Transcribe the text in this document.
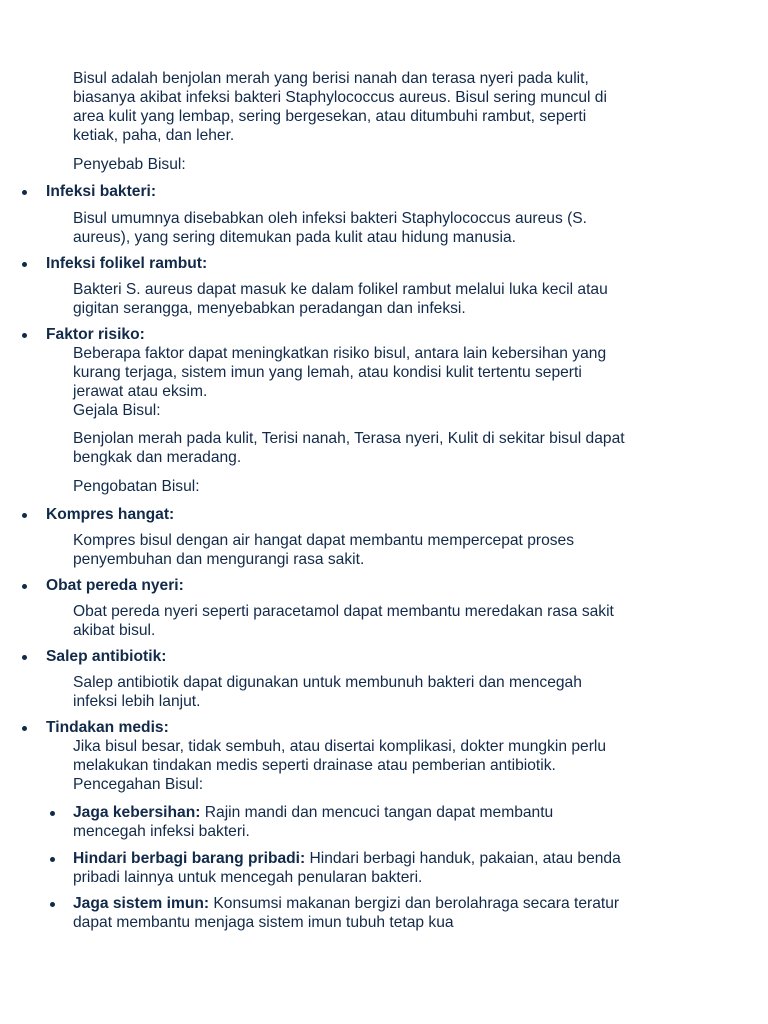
Bisul adalah benjolan merah yang berisi nanah dan terasa nyeri pada kulit,
biasanya akibat infeksi bakteri Staphylococcus aureus. Bisul sering muncul di
area kulit yang lembap, sering bergesekan, atau ditumbuhi rambut, seperti
ketiak, paha, dan leher.
Penyebab Bisul:
Infeksi bakteri:
Bisul umumnya disebabkan oleh infeksi bakteri Staphylococcus aureus (S.
aureus), yang sering ditemukan pada kulit atau hidung manusia.
Infeksi folikel rambut:
Bakteri S. aureus dapat masuk ke dalam folikel rambut melalui luka kecil atau
gigitan serangga, menyebabkan peradangan dan infeksi.
Faktor risiko:
Beberapa faktor dapat meningkatkan risiko bisul, antara lain kebersihan yang
kurang terjaga, sistem imun yang lemah, atau kondisi kulit tertentu seperti
jerawat atau eksim.
Gejala Bisul:
Benjolan merah pada kulit, Terisi nanah, Terasa nyeri, Kulit di sekitar bisul dapat
bengkak dan meradang.
Pengobatan Bisul:
Kompres hangat:
Kompres bisul dengan air hangat dapat membantu mempercepat proses
penyembuhan dan mengurangi rasa sakit.
Obat pereda nyeri:
Obat pereda nyeri seperti paracetamol dapat membantu meredakan rasa sakit
akibat bisul.
Salep antibiotik:
Salep antibiotik dapat digunakan untuk membunuh bakteri dan mencegah
infeksi lebih lanjut.
Tindakan medis:
Jika bisul besar, tidak sembuh, atau disertai komplikasi, dokter mungkin perlu
melakukan tindakan medis seperti drainase atau pemberian antibiotik.
Pencegahan Bisul:
Jaga kebersihan: Rajin mandi dan mencuci tangan dapat membantu
mencegah infeksi bakteri.
Hindari berbagi barang pribadi: Hindari berbagi handuk, pakaian, atau benda
pribadi lainnya untuk mencegah penularan bakteri.
Jaga sistem imun: Konsumsi makanan bergizi dan berolahraga secara teratur
dapat membantu menjaga sistem imun tubuh tetap kua
